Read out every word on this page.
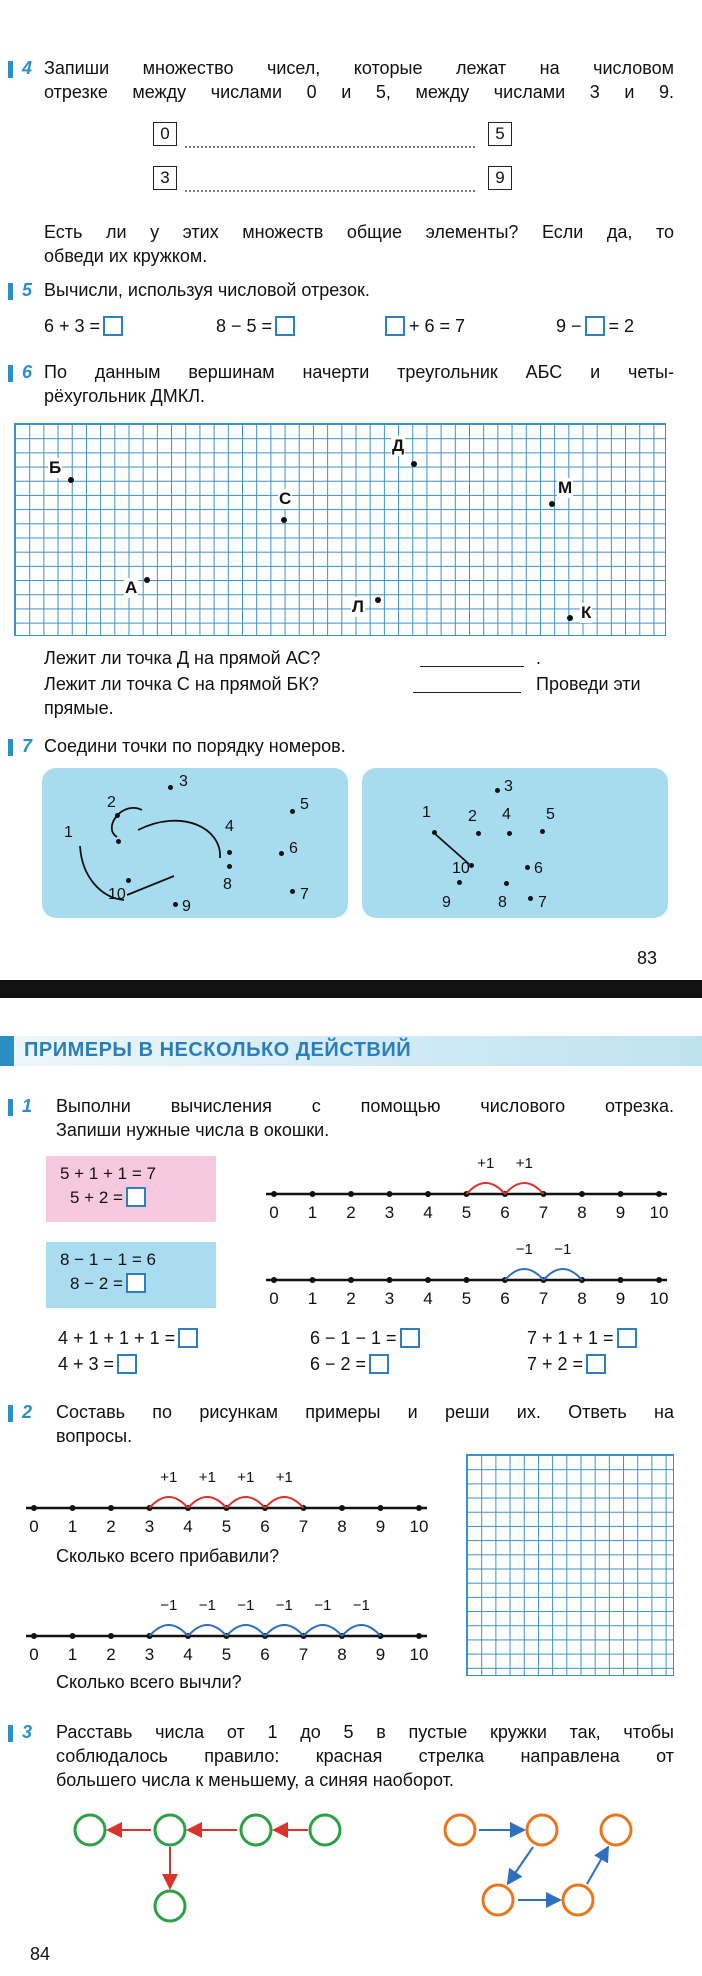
4 Запиши множество чисел, которые лежат на числовом
отрезке между числами 0 и 5, между числами 3 и 9.
0	5
3	9
Есть ли у этих множеств общие элементы? Если да, то
обведи их кружком.
5 Вычисли, используя числовой отрезок.
6 + 3 =	8 − 5 =	+ 6 = 7	9 − = 2
6 По данным вершинам начерти треугольник АБС и четы-
рёхугольник ДМКЛ.
Б
Д
С
М
А
Л	К
Лежит ли точка Д на прямой АС?	.
Лежит ли точка С на прямой БК?	Проведи эти
прямые.
7 Соедини точки по порядку номеров.
1
2
3
4
5
6
7
8
9
10
1 2
3
4 5
6
7
8
9
10
83
ПРИМЕРЫ В НЕСКОЛЬКО ДЕЙСТВИЙ
1	Выполни вычисления с помощью числового отрезка.
Запиши нужные числа в окошки.
5 + 1 + 1 = 7
5 + 2 =
8 − 1 − 1 = 6
8 − 2 =
0 1 2 3 4 5 6 7 8 9 10
+1 +1
0 1 2 3 4 5 6 7 8 9 10
−1 −1
4 + 1 + 1 + 1 =
4 + 3 =
6 − 1 − 1 =
6 − 2 =
7 + 1 + 1 =
7 + 2 =
2	Составь по рисункам примеры и реши их. Ответь на
вопросы.
0 1 2 3 4 5 6 7 8 9 10
+1 +1 +1 +1
Сколько всего прибавили?
0 1 2 3 4 5 6 7 8 9 10
−1 −1 −1 −1 −1 −1
Сколько всего вычли?
3	Расставь числа от 1 до 5 в пустые кружки так, чтобы
соблюдалось правило: красная стрелка направлена от
большего числа к меньшему, а синяя наоборот.
84
